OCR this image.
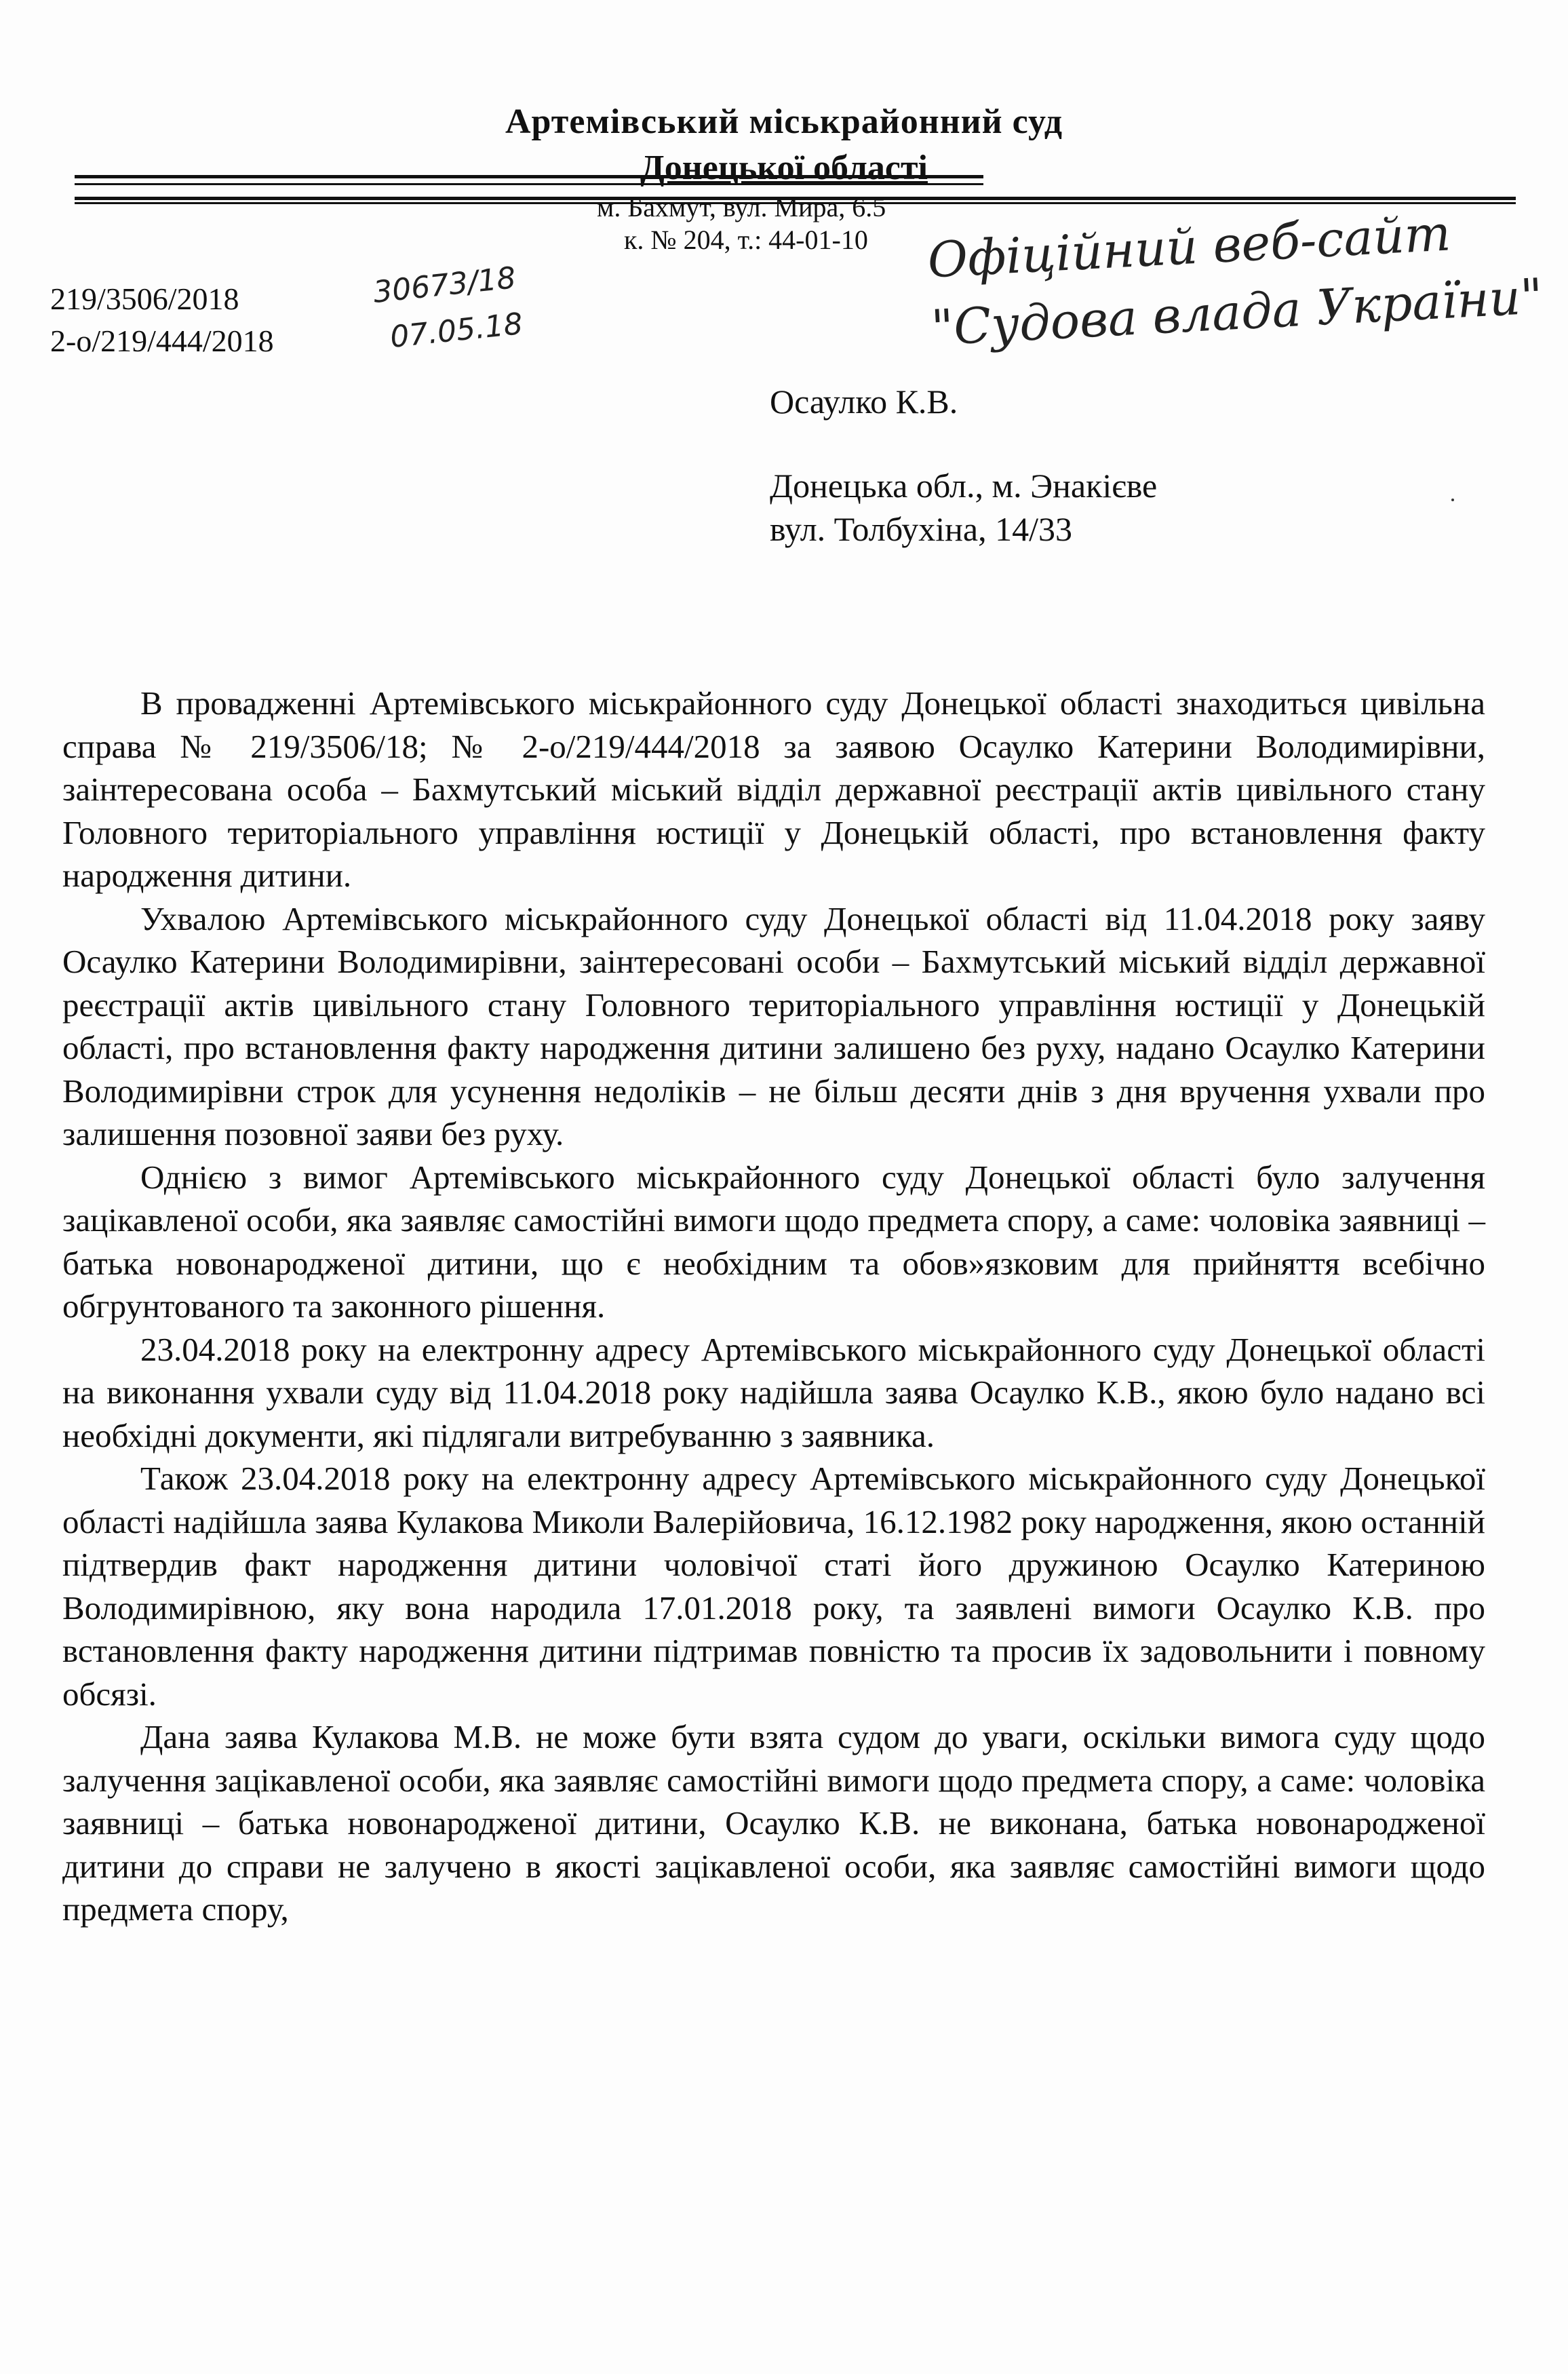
Артемівський міськрайонний суд
Донецької області
м. Бахмут, вул. Мира, 6.5
к. № 204, т.: 44-01-10
219/3506/2018
2-о/219/444/2018
30673/18
07.05.18
Офіційний веб-сайт
"Судова влада України"
Осаулко К.В.
Донецька обл., м. Энакієве
вул. Толбухіна, 14/33

В провадженні Артемівського міськрайонного суду Донецької області знаходиться цивільна справа № 219/3506/18; № 2-о/219/444/2018 за заявою Осаулко Катерини Володимирівни, заінтересована особа – Бахмутський міський відділ державної реєстрації актів цивільного стану Головного територіального управління юстиції у Донецькій області, про встановлення факту народження дитини.

Ухвалою Артемівського міськрайонного суду Донецької області від 11.04.2018 року заяву Осаулко Катерини Володимирівни, заінтересовані особи – Бахмутський міський відділ державної реєстрації актів цивільного стану Головного територіального управління юстиції у Донецькій області, про встановлення факту народження дитини залишено без руху, надано Осаулко Катерини Володимирівни строк для усунення недоліків – не більш десяти днів з дня вручення ухвали про залишення позовної заяви без руху.

Однією з вимог Артемівського міськрайонного суду Донецької області було залучення зацікавленої особи, яка заявляє самостійні вимоги щодо предмета спору, а саме: чоловіка заявниці – батька новонародженої дитини, що є необхідним та обов»язковим для прийняття всебічно обгрунтованого та законного рішення.

23.04.2018 року на електронну адресу Артемівського міськрайонного суду Донецької області на виконання ухвали суду від 11.04.2018 року надійшла заява Осаулко К.В., якою було надано всі необхідні документи, які підлягали витребуванню з заявника.

Також 23.04.2018 року на електронну адресу Артемівського міськрайонного суду Донецької області надійшла заява Кулакова Миколи Валерійовича, 16.12.1982 року народження, якою останній підтвердив факт народження дитини чоловічої статі його дружиною Осаулко Катериною Володимирівною, яку вона народила 17.01.2018 року, та заявлені вимоги Осаулко К.В. про встановлення факту народження дитини підтримав повністю та просив їх задовольнити і повному обсязі.

Дана заява Кулакова М.В. не може бути взята судом до уваги, оскільки вимога суду щодо залучення зацікавленої особи, яка заявляє самостійні вимоги щодо предмета спору, а саме: чоловіка заявниці – батька новонародженої дитини, Осаулко К.В. не виконана, батька новонародженої дитини до справи не залучено в якості зацікавленої особи, яка заявляє самостійні вимоги щодо предмета спору,
